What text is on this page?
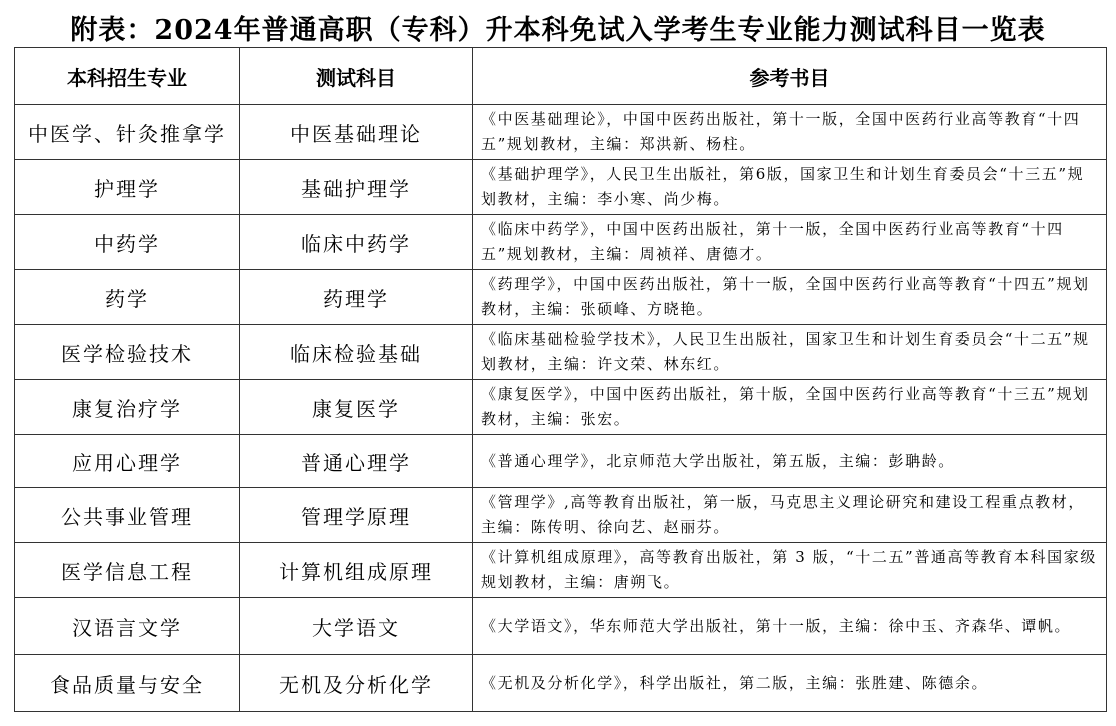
附表：2024年普通高职（专科）升本科免试入学考生专业能力测试科目一览表
本科招生专业	测试科目	参考书目
中医学、针灸推拿学	中医基础理论	《中医基础理论》，中国中医药出版社，第十一版，全国中医药行业高等教育“十四五”规划教材，主编：郑洪新、杨柱。
护理学	基础护理学	《基础护理学》，人民卫生出版社，第6版，国家卫生和计划生育委员会“十三五”规划教材，主编：李小寒、尚少梅。
中药学	临床中药学	《临床中药学》，中国中医药出版社，第十一版，全国中医药行业高等教育“十四五”规划教材，主编：周祯祥、唐德才。
药学	药理学	《药理学》，中国中医药出版社，第十一版，全国中医药行业高等教育“十四五”规划教材，主编：张硕峰、方晓艳。
医学检验技术	临床检验基础	《临床基础检验学技术》，人民卫生出版社，国家卫生和计划生育委员会“十二五”规划教材，主编：许文荣、林东红。
康复治疗学	康复医学	《康复医学》，中国中医药出版社，第十版，全国中医药行业高等教育“十三五”规划教材，主编：张宏。
应用心理学	普通心理学	《普通心理学》，北京师范大学出版社，第五版，主编：彭聃龄。
公共事业管理	管理学原理	《管理学》,高等教育出版社，第一版，马克思主义理论研究和建设工程重点教材，主编：陈传明、徐向艺、赵丽芬。
医学信息工程	计算机组成原理	《计算机组成原理》，高等教育出版社，第 3 版，“十二五”普通高等教育本科国家级规划教材，主编：唐朔飞。
汉语言文学	大学语文	《大学语文》，华东师范大学出版社，第十一版，主编：徐中玉、齐森华、谭帆。
食品质量与安全	无机及分析化学	《无机及分析化学》，科学出版社，第二版，主编：张胜建、陈德余。
